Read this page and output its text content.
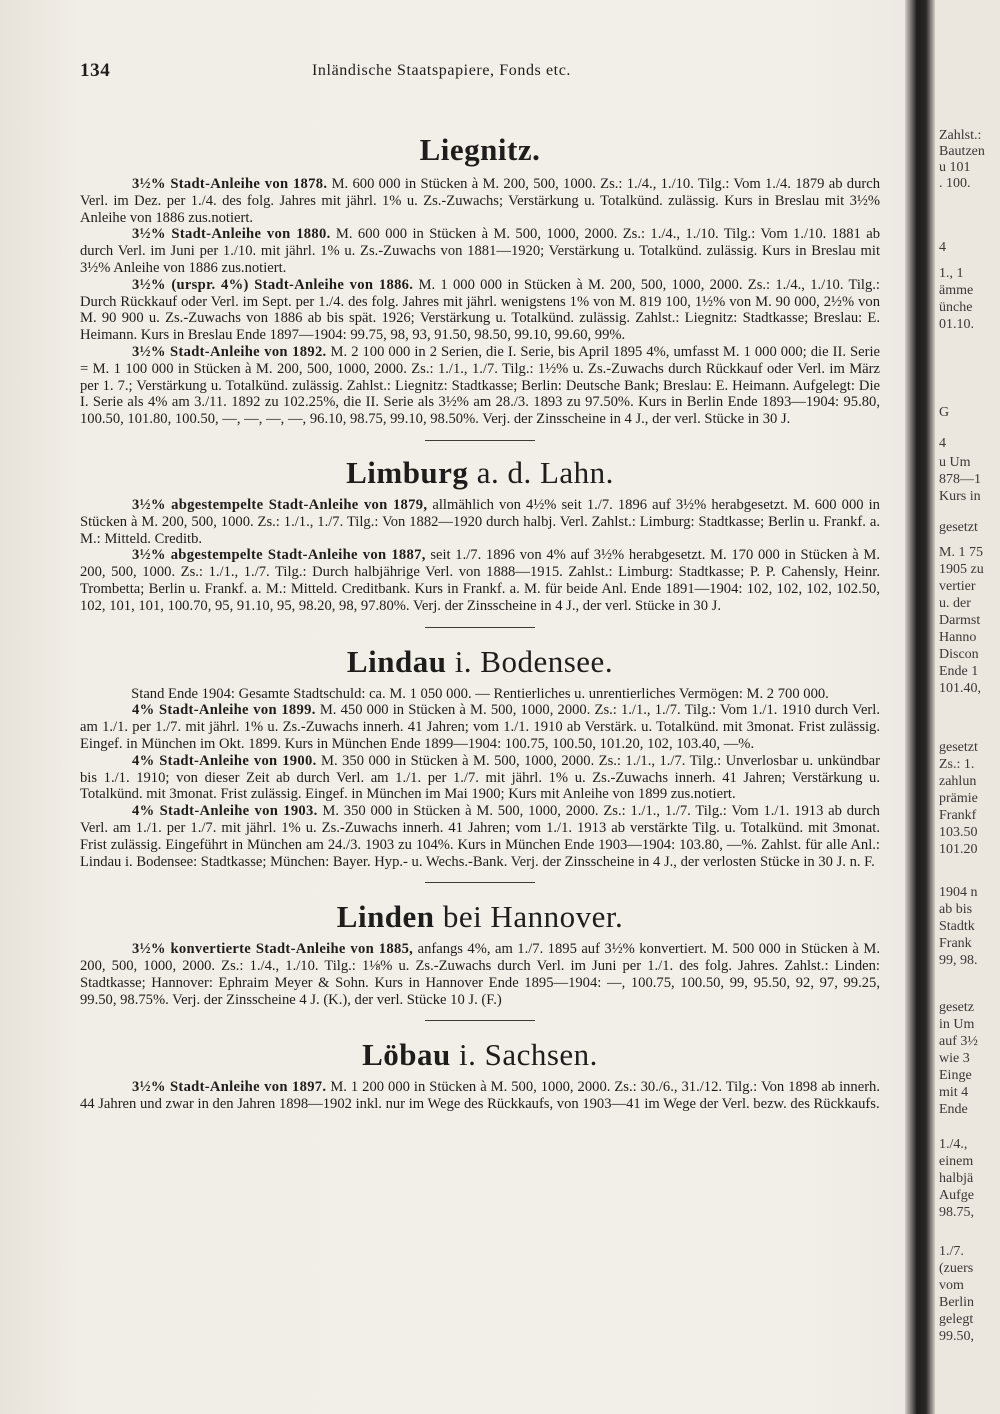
134	Inländische Staatspapiere, Fonds etc.
Liegnitz.

3½% Stadt-Anleihe von 1878. M. 600 000 in Stücken à M. 200, 500, 1000. Zs.: 1./4., 1./10. Tilg.: Vom 1./4. 1879 ab durch Verl. im Dez. per 1./4. des folg. Jahres mit jährl. 1% u. Zs.-Zuwachs; Verstärkung u. Totalkünd. zulässig. Kurs in Breslau mit 3½% Anleihe von 1886 zus.notiert.

3½% Stadt-Anleihe von 1880. M. 600 000 in Stücken à M. 500, 1000, 2000. Zs.: 1./4., 1./10. Tilg.: Vom 1./10. 1881 ab durch Verl. im Juni per 1./10. mit jährl. 1% u. Zs.-Zuwachs von 1881—1920; Verstärkung u. Totalkünd. zulässig. Kurs in Breslau mit 3½% Anleihe von 1886 zus.notiert.

3½% (urspr. 4%) Stadt-Anleihe von 1886. M. 1 000 000 in Stücken à M. 200, 500, 1000, 2000. Zs.: 1./4., 1./10. Tilg.: Durch Rückkauf oder Verl. im Sept. per 1./4. des folg. Jahres mit jährl. wenigstens 1% von M. 819 100, 1½% von M. 90 000, 2½% von M. 90 900 u. Zs.-Zuwachs von 1886 ab bis spät. 1926; Verstärkung u. Totalkünd. zulässig. Zahlst.: Liegnitz: Stadtkasse; Breslau: E. Heimann. Kurs in Breslau Ende 1897—1904: 99.75, 98, 93, 91.50, 98.50, 99.10, 99.60, 99%.

3½% Stadt-Anleihe von 1892. M. 2 100 000 in 2 Serien, die I. Serie, bis April 1895 4%, umfasst M. 1 000 000; die II. Serie = M. 1 100 000 in Stücken à M. 200, 500, 1000, 2000. Zs.: 1./1., 1./7. Tilg.: 1½% u. Zs.-Zuwachs durch Rückkauf oder Verl. im März per 1. 7.; Verstärkung u. Totalkünd. zulässig. Zahlst.: Liegnitz: Stadtkasse; Berlin: Deutsche Bank; Breslau: E. Heimann. Aufgelegt: Die I. Serie als 4% am 3./11. 1892 zu 102.25%, die II. Serie als 3½% am 28./3. 1893 zu 97.50%. Kurs in Berlin Ende 1893—1904: 95.80, 100.50, 101.80, 100.50, —, —, —, —, 96.10, 98.75, 99.10, 98.50%. Verj. der Zinsscheine in 4 J., der verl. Stücke in 30 J.

Limburg a. d. Lahn.

3½% abgestempelte Stadt-Anleihe von 1879, allmählich von 4½% seit 1./7. 1896 auf 3½% herabgesetzt. M. 600 000 in Stücken à M. 200, 500, 1000. Zs.: 1./1., 1./7. Tilg.: Von 1882—1920 durch halbj. Verl. Zahlst.: Limburg: Stadtkasse; Berlin u. Frankf. a. M.: Mitteld. Creditb.

3½% abgestempelte Stadt-Anleihe von 1887, seit 1./7. 1896 von 4% auf 3½% herabgesetzt. M. 170 000 in Stücken à M. 200, 500, 1000. Zs.: 1./1., 1./7. Tilg.: Durch halbjährige Verl. von 1888—1915. Zahlst.: Limburg: Stadtkasse; P. P. Cahensly, Heinr. Trombetta; Berlin u. Frankf. a. M.: Mitteld. Creditbank. Kurs in Frankf. a. M. für beide Anl. Ende 1891—1904: 102, 102, 102, 102.50, 102, 101, 101, 100.70, 95, 91.10, 95, 98.20, 98, 97.80%. Verj. der Zinsscheine in 4 J., der verl. Stücke in 30 J.

Lindau i. Bodensee.

Stand Ende 1904: Gesamte Stadtschuld: ca. M. 1 050 000. — Rentierliches u. unrentierliches Vermögen: M. 2 700 000.

4% Stadt-Anleihe von 1899. M. 450 000 in Stücken à M. 500, 1000, 2000. Zs.: 1./1., 1./7. Tilg.: Vom 1./1. 1910 durch Verl. am 1./1. per 1./7. mit jährl. 1% u. Zs.-Zuwachs innerh. 41 Jahren; vom 1./1. 1910 ab Verstärk. u. Totalkünd. mit 3monat. Frist zulässig. Eingef. in München im Okt. 1899. Kurs in München Ende 1899—1904: 100.75, 100.50, 101.20, 102, 103.40, —%.

4% Stadt-Anleihe von 1900. M. 350 000 in Stücken à M. 500, 1000, 2000. Zs.: 1./1., 1./7. Tilg.: Unverlosbar u. unkündbar bis 1./1. 1910; von dieser Zeit ab durch Verl. am 1./1. per 1./7. mit jährl. 1% u. Zs.-Zuwachs innerh. 41 Jahren; Verstärkung u. Totalkünd. mit 3monat. Frist zulässig. Eingef. in München im Mai 1900; Kurs mit Anleihe von 1899 zus.notiert.

4% Stadt-Anleihe von 1903. M. 350 000 in Stücken à M. 500, 1000, 2000. Zs.: 1./1., 1./7. Tilg.: Vom 1./1. 1913 ab durch Verl. am 1./1. per 1./7. mit jährl. 1% u. Zs.-Zuwachs innerh. 41 Jahren; vom 1./1. 1913 ab verstärkte Tilg. u. Totalkünd. mit 3monat. Frist zulässig. Eingeführt in München am 24./3. 1903 zu 104%. Kurs in München Ende 1903—1904: 103.80, —%. Zahlst. für alle Anl.: Lindau i. Bodensee: Stadtkasse; München: Bayer. Hyp.- u. Wechs.-Bank. Verj. der Zinsscheine in 4 J., der verlosten Stücke in 30 J. n. F.

Linden bei Hannover.

3½% konvertierte Stadt-Anleihe von 1885, anfangs 4%, am 1./7. 1895 auf 3½% konvertiert. M. 500 000 in Stücken à M. 200, 500, 1000, 2000. Zs.: 1./4., 1./10. Tilg.: 1⅛% u. Zs.-Zuwachs durch Verl. im Juni per 1./1. des folg. Jahres. Zahlst.: Linden: Stadtkasse; Hannover: Ephraim Meyer & Sohn. Kurs in Hannover Ende 1895—1904: —, 100.75, 100.50, 99, 95.50, 92, 97, 99.25, 99.50, 98.75%. Verj. der Zinsscheine 4 J. (K.), der verl. Stücke 10 J. (F.)

Löbau i. Sachsen.

3½% Stadt-Anleihe von 1897. M. 1 200 000 in Stücken à M. 500, 1000, 2000. Zs.: 30./6., 31./12. Tilg.: Von 1898 ab innerh. 44 Jahren und zwar in den Jahren 1898—1902 inkl. nur im Wege des Rückkaufs, von 1903—41 im Wege der Verl. bezw. des Rückkaufs.

Zahlst.:
Bautzen
u 101
. 100.
4
1., 1
ämme
ünche
01.10.
G
4
u Um
878—1
Kurs in
gesetzt
M. 1 75
1905 zu
vertier
u. der
Darmst
Hanno
Discon
Ende 1
101.40,
gesetzt
Zs.: 1.
zahlun
prämie
Frankf
103.50
101.20
1904 n
ab bis
Stadtk
Frank
99, 98.
gesetz
in Um
auf 3½
wie 3
Einge
mit 4
Ende
1./4.,
einem
halbjä
Aufge
98.75,
1./7.
(zuers
vom
Berlin
gelegt
99.50,
